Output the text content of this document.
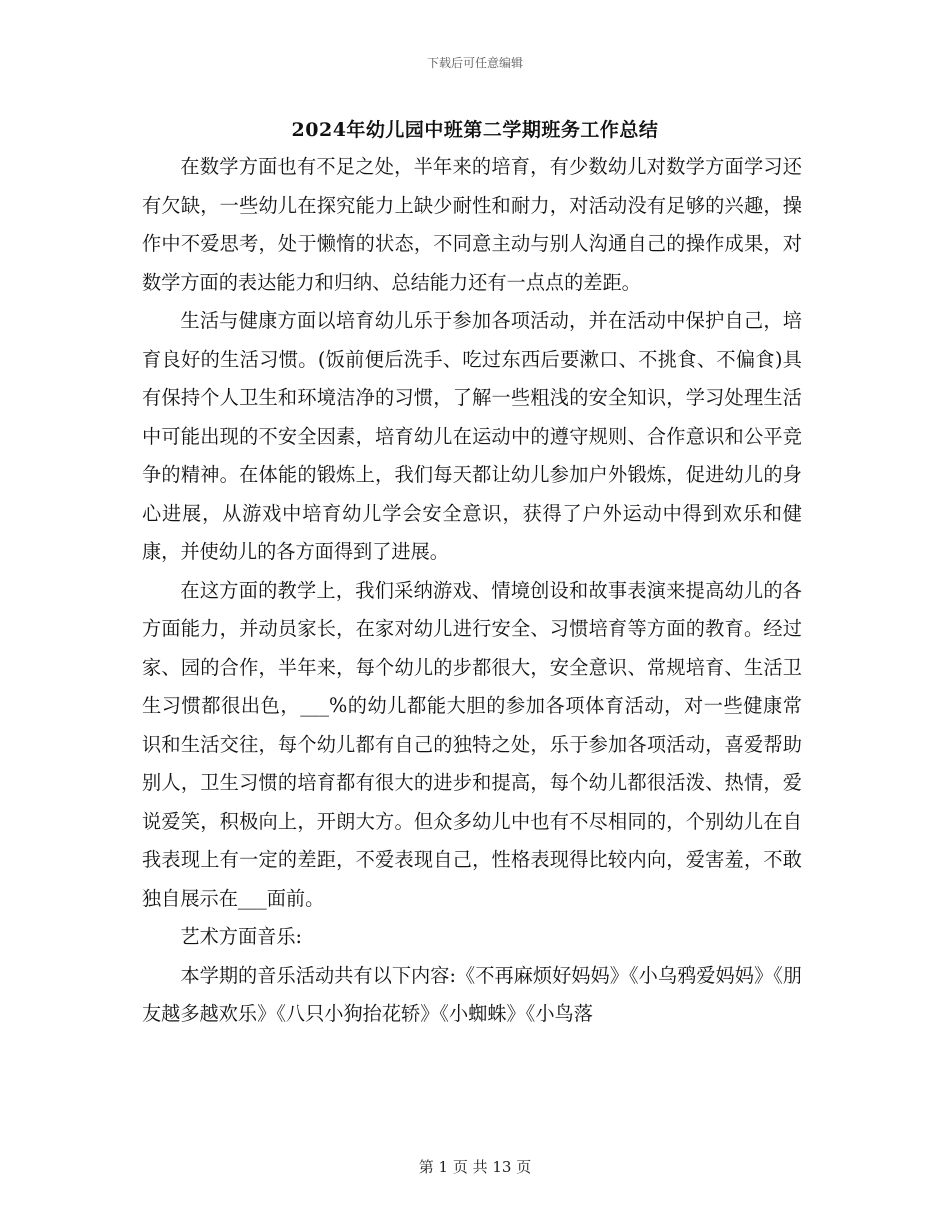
下载后可任意编辑
2024年幼儿园中班第二学期班务工作总结

在数学方面也有不足之处，半年来的培育，有少数幼儿对数学方面学习还有欠缺，一些幼儿在探究能力上缺少耐性和耐力，对活动没有足够的兴趣，操作中不爱思考，处于懒惰的状态，不同意主动与别人沟通自己的操作成果，对数学方面的表达能力和归纳、总结能力还有一点点的差距。

生活与健康方面以培育幼儿乐于参加各项活动，并在活动中保护自己，培育良好的生活习惯。(饭前便后洗手、吃过东西后要漱口、不挑食、不偏食)具有保持个人卫生和环境洁净的习惯，了解一些粗浅的安全知识，学习处理生活中可能出现的不安全因素，培育幼儿在运动中的遵守规则、合作意识和公平竞争的精神。在体能的锻炼上，我们每天都让幼儿参加户外锻炼，促进幼儿的身心进展，从游戏中培育幼儿学会安全意识，获得了户外运动中得到欢乐和健康，并使幼儿的各方面得到了进展。

在这方面的教学上，我们采纳游戏、情境创设和故事表演来提高幼儿的各方面能力，并动员家长，在家对幼儿进行安全、习惯培育等方面的教育。经过家、园的合作，半年来，每个幼儿的步都很大，安全意识、常规培育、生活卫生习惯都很出色，___%的幼儿都能大胆的参加各项体育活动，对一些健康常识和生活交往，每个幼儿都有自己的独特之处，乐于参加各项活动，喜爱帮助别人，卫生习惯的培育都有很大的进步和提高，每个幼儿都很活泼、热情，爱说爱笑，积极向上，开朗大方。但众多幼儿中也有不尽相同的，个别幼儿在自我表现上有一定的差距，不爱表现自己，性格表现得比较内向，爱害羞，不敢独自展示在___面前。

艺术方面音乐:

本学期的音乐活动共有以下内容:《不再麻烦好妈妈》《小乌鸦爱妈妈》《朋友越多越欢乐》《八只小狗抬花轿》《小蜘蛛》《小鸟落

第 1 页 共 13 页
